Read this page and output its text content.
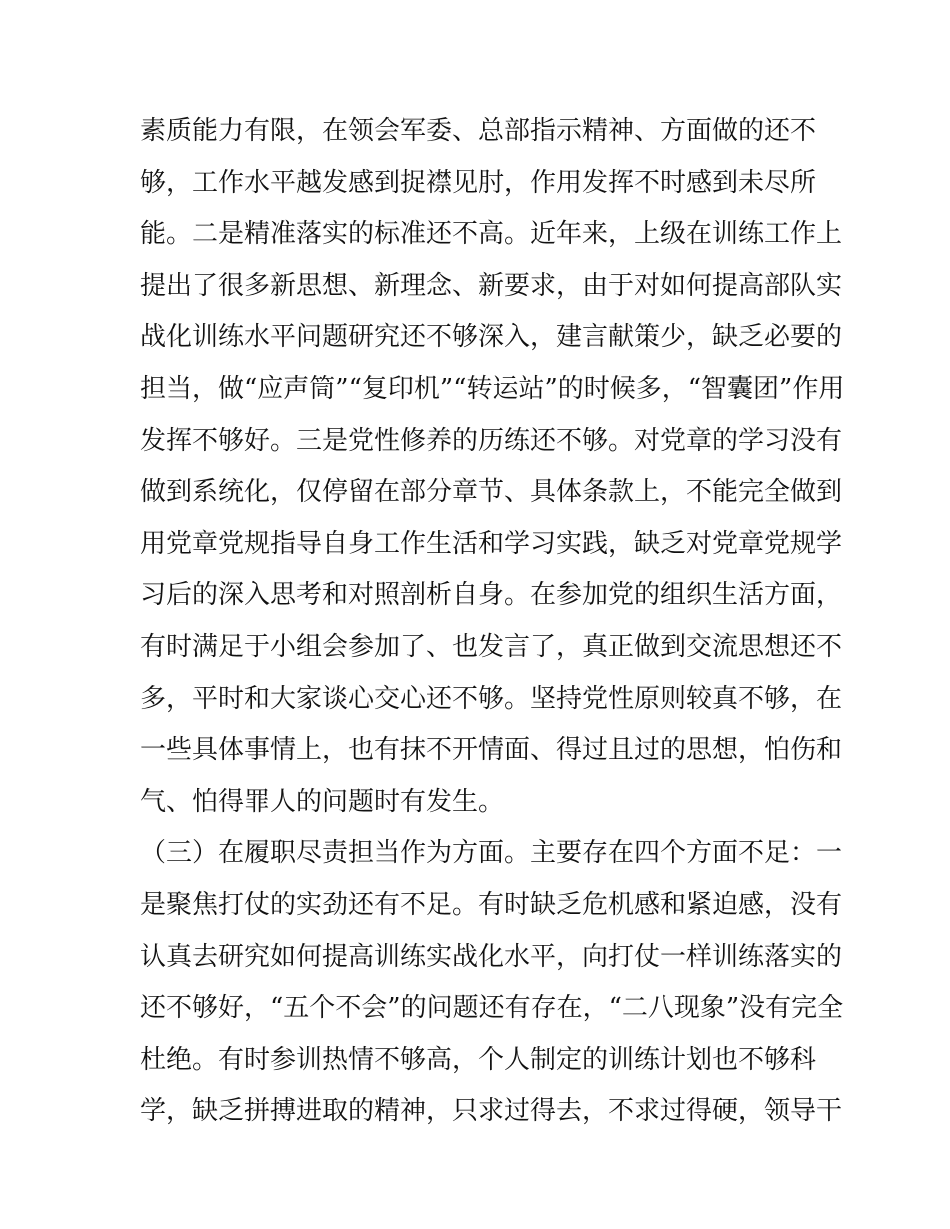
素质能力有限，在领会军委、总部指示精神、方面做的还不
够，工作水平越发感到捉襟见肘，作用发挥不时感到未尽所
能。二是精准落实的标准还不高。近年来，上级在训练工作上
提出了很多新思想、新理念、新要求，由于对如何提高部队实
战化训练水平问题研究还不够深入，建言献策少，缺乏必要的
担当，做“应声筒”“复印机”“转运站”的时候多，“智囊团”作用
发挥不够好。三是党性修养的历练还不够。对党章的学习没有
做到系统化，仅停留在部分章节、具体条款上，不能完全做到
用党章党规指导自身工作生活和学习实践，缺乏对党章党规学
习后的深入思考和对照剖析自身。在参加党的组织生活方面，
有时满足于小组会参加了、也发言了，真正做到交流思想还不
多，平时和大家谈心交心还不够。坚持党性原则较真不够，在
一些具体事情上，也有抹不开情面、得过且过的思想，怕伤和
气、怕得罪人的问题时有发生。
（三）在履职尽责担当作为方面。主要存在四个方面不足：一
是聚焦打仗的实劲还有不足。有时缺乏危机感和紧迫感，没有
认真去研究如何提高训练实战化水平，向打仗一样训练落实的
还不够好，“五个不会”的问题还有存在，“二八现象”没有完全
杜绝。有时参训热情不够高，个人制定的训练计划也不够科
学，缺乏拼搏进取的精神，只求过得去，不求过得硬，领导干
